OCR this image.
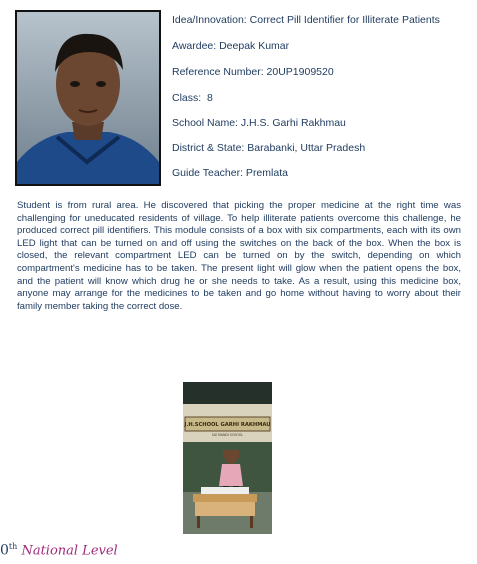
Idea/Innovation: Correct Pill Identifier for Illiterate Patients
Awardee: Deepak Kumar
Reference Number: 20UP1909520
Class:  8
School Name: J.H.S. Garhi Rakhmau
District & State: Barabanki, Uttar Pradesh
Guide Teacher: Premlata
Student is from rural area. He discovered that picking the proper medicine at the right time was challenging for uneducated residents of village. To help illiterate patients overcome this challenge, he produced correct pill identifiers. This module consists of a box with six compartments, each with its own LED light that can be turned on and off using the switches on the back of the box. When the box is closed, the relevant compartment LED can be turned on by the switch, depending on which compartment's medicine has to be taken. The present light will glow when the patient opens the box, and the patient will know which drug he or she needs to take. As a result, using this medicine box, anyone may arrange for the medicines to be taken and go home without having to worry about their family member taking the correct dose.
J.H.SCHOOL GARHI RAKHMAU
SAI MANDI SCHOOL
0th National Level
